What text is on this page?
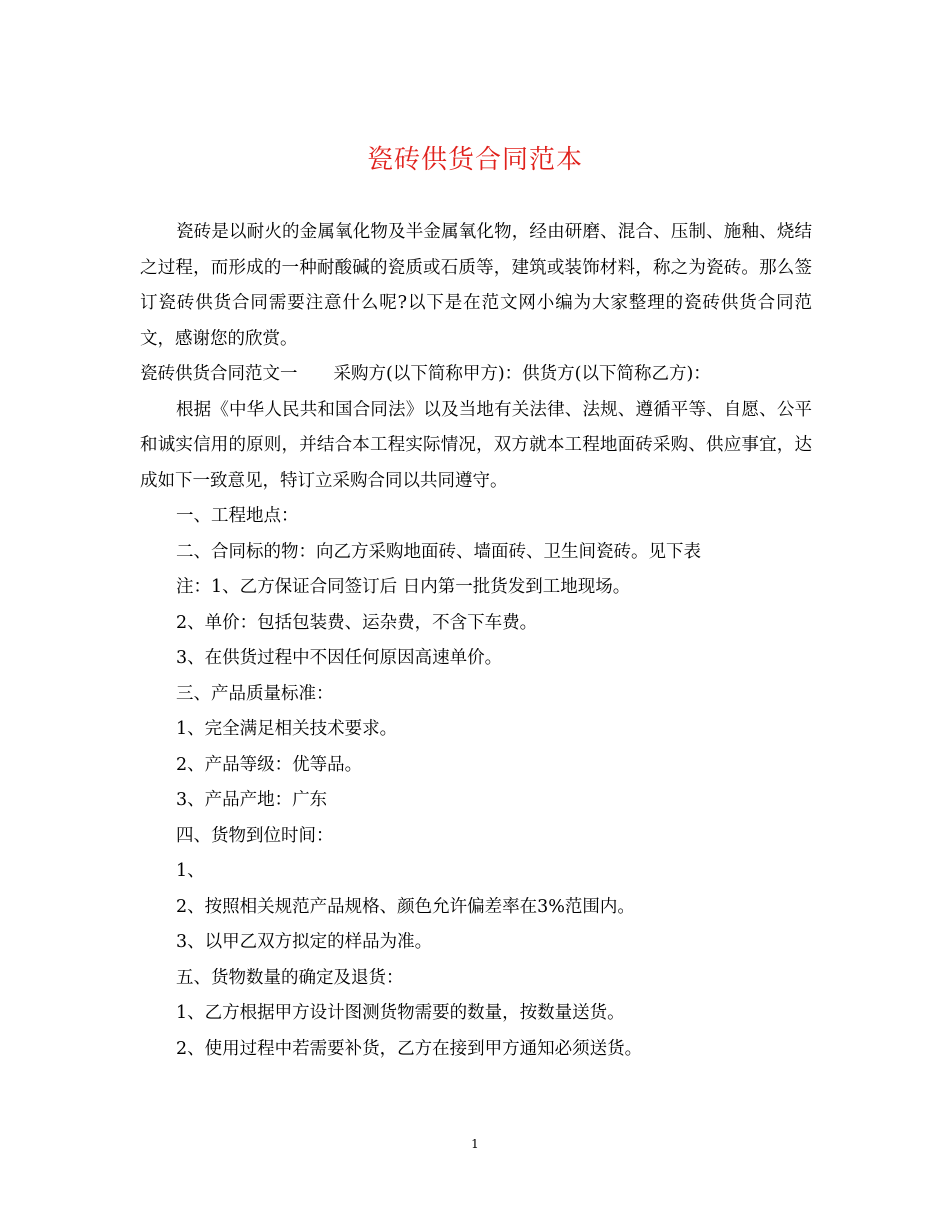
瓷砖供货合同范本

瓷砖是以耐火的金属氧化物及半金属氧化物，经由研磨、混合、压制、施釉、烧结之过程，而形成的一种耐酸碱的瓷质或石质等，建筑或装饰材料，称之为瓷砖。那么签订瓷砖供货合同需要注意什么呢?以下是在范文网小编为大家整理的瓷砖供货合同范文，感谢您的欣赏。

瓷砖供货合同范文一 采购方(以下简称甲方)：供货方(以下简称乙方)：

根据《中华人民共和国合同法》以及当地有关法律、法规、遵循平等、自愿、公平和诚实信用的原则，并结合本工程实际情况，双方就本工程地面砖采购、供应事宜，达成如下一致意见，特订立采购合同以共同遵守。

一、工程地点：

二、合同标的物：向乙方采购地面砖、墙面砖、卫生间瓷砖。见下表

注：1、乙方保证合同签订后 日内第一批货发到工地现场。

2、单价：包括包装费、运杂费，不含下车费。

3、在供货过程中不因任何原因高速单价。

三、产品质量标准：

1、完全满足相关技术要求。

2、产品等级：优等品。

3、产品产地：广东

四、货物到位时间：

1、

2、按照相关规范产品规格、颜色允许偏差率在3%范围内。

3、以甲乙双方拟定的样品为准。

五、货物数量的确定及退货：

1、乙方根据甲方设计图测货物需要的数量，按数量送货。

2、使用过程中若需要补货，乙方在接到甲方通知必须送货。

1
